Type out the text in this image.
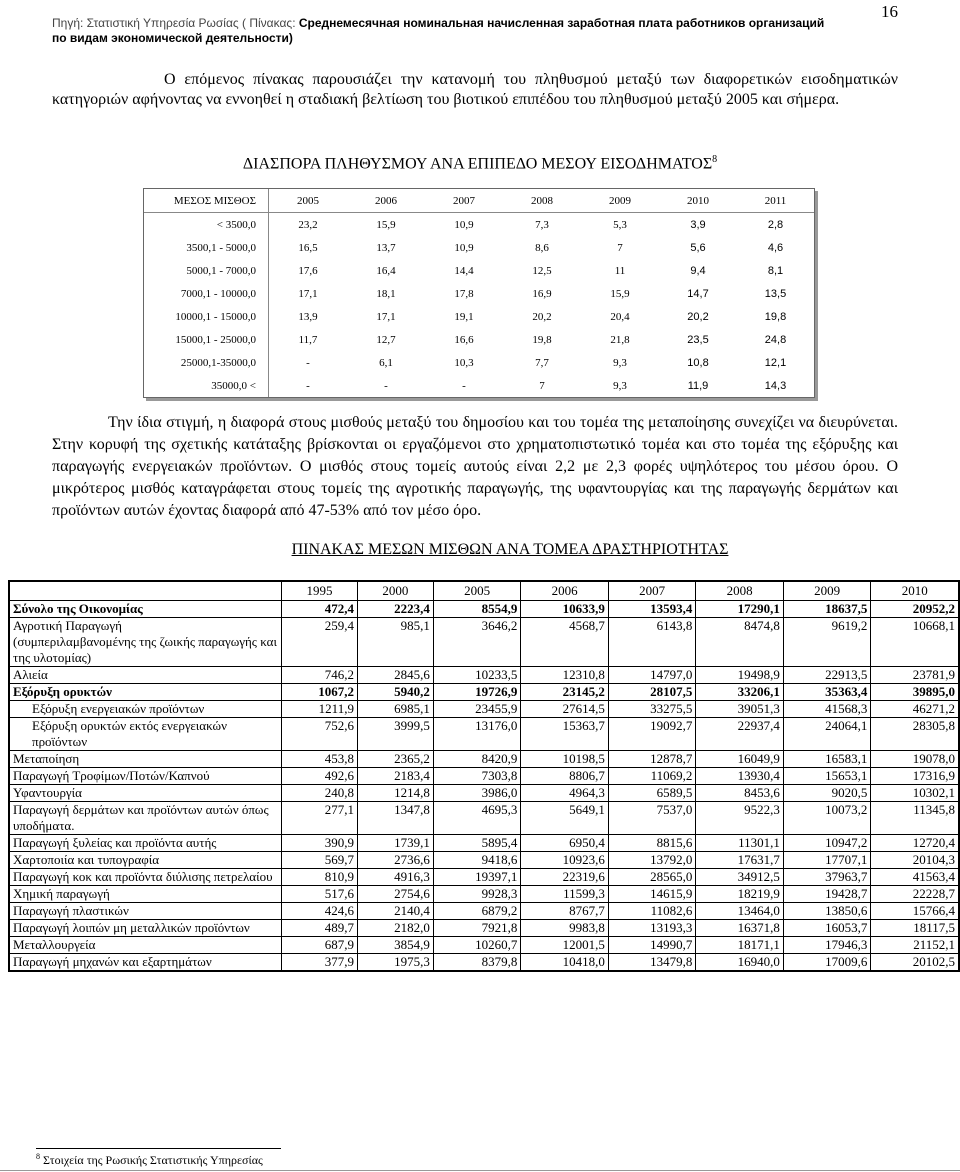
16
Πηγή: Στατιστική Υπηρεσία Ρωσίας ( Πίνακας: Среднемесячная номинальная начисленная заработная плата работников организаций по видам экономической деятельности)
Ο επόμενος πίνακας παρουσιάζει την κατανομή του πληθυσμού μεταξύ των διαφορετικών εισοδηματικών κατηγοριών αφήνοντας να εννοηθεί η σταδιακή βελτίωση του βιοτικού επιπέδου του πληθυσμού μεταξύ 2005 και σήμερα.
ΔΙΑΣΠΟΡΑ ΠΛΗΘΥΣΜΟΥ ΑΝΑ ΕΠΙΠΕΔΟ ΜΕΣΟΥ ΕΙΣΟΔΗΜΑΤΟΣ$^8$
ΜΕΣΟΣ ΜΙΣΘΟΣ	2005	2006	2007	2008	2009	2010	2011
< 3500,0	23,2	15,9	10,9	7,3	5,3	3,9	2,8
3500,1 - 5000,0	16,5	13,7	10,9	8,6	7	5,6	4,6
5000,1 - 7000,0	17,6	16,4	14,4	12,5	11	9,4	8,1
7000,1 - 10000,0	17,1	18,1	17,8	16,9	15,9	14,7	13,5
10000,1 - 15000,0	13,9	17,1	19,1	20,2	20,4	20,2	19,8
15000,1 - 25000,0	11,7	12,7	16,6	19,8	21,8	23,5	24,8
25000,1-35000,0	-	6,1	10,3	7,7	9,3	10,8	12,1
35000,0 <	-	-	-	7	9,3	11,9	14,3
Την ίδια στιγμή, η διαφορά στους μισθούς μεταξύ του δημοσίου και του τομέα της μεταποίησης συνεχίζει να διευρύνεται. Στην κορυφή της σχετικής κατάταξης βρίσκονται οι εργαζόμενοι στο χρηματοπιστωτικό τομέα και στο τομέα της εξόρυξης και παραγωγής ενεργειακών προϊόντων. Ο μισθός στους τομείς αυτούς είναι 2,2 με 2,3 φορές υψηλότερος του μέσου όρου. Ο μικρότερος μισθός καταγράφεται στους τομείς της αγροτικής παραγωγής, της υφαντουργίας και της παραγωγής δερμάτων και προϊόντων αυτών έχοντας διαφορά από 47-53% από τον μέσο όρο.
ΠΙΝΑΚΑΣ ΜΕΣΩΝ ΜΙΣΘΩΝ ΑΝΑ ΤΟΜΕΑ ΔΡΑΣΤΗΡΙΟΤΗΤΑΣ
	1995	2000	2005	2006	2007	2008	2009	2010
Σύνολο της Οικονομίας	472,4	2223,4	8554,9	10633,9	13593,4	17290,1	18637,5	20952,2
Αγροτική Παραγωγή
(συμπεριλαμβανομένης της ζωικής παραγωγής και της υλοτομίας)	259,4	985,1	3646,2	4568,7	6143,8	8474,8	9619,2	10668,1
Αλιεία	746,2	2845,6	10233,5	12310,8	14797,0	19498,9	22913,5	23781,9
Εξόρυξη ορυκτών	1067,2	5940,2	19726,9	23145,2	28107,5	33206,1	35363,4	39895,0
Εξόρυξη ενεργειακών προϊόντων	1211,9	6985,1	23455,9	27614,5	33275,5	39051,3	41568,3	46271,2
Εξόρυξη ορυκτών εκτός ενεργειακών προϊόντων	752,6	3999,5	13176,0	15363,7	19092,7	22937,4	24064,1	28305,8
Μεταποίηση	453,8	2365,2	8420,9	10198,5	12878,7	16049,9	16583,1	19078,0
Παραγωγή Τροφίμων/Ποτών/Καπνού	492,6	2183,4	7303,8	8806,7	11069,2	13930,4	15653,1	17316,9
Υφαντουργία	240,8	1214,8	3986,0	4964,3	6589,5	8453,6	9020,5	10302,1
Παραγωγή δερμάτων και προϊόντων αυτών όπως υποδήματα.	277,1	1347,8	4695,3	5649,1	7537,0	9522,3	10073,2	11345,8
Παραγωγή ξυλείας και προϊόντα αυτής	390,9	1739,1	5895,4	6950,4	8815,6	11301,1	10947,2	12720,4
Χαρτοποιία και τυπογραφία	569,7	2736,6	9418,6	10923,6	13792,0	17631,7	17707,1	20104,3
Παραγωγή κοκ και προϊόντα διύλισης πετρελαίου	810,9	4916,3	19397,1	22319,6	28565,0	34912,5	37963,7	41563,4
Χημική παραγωγή	517,6	2754,6	9928,3	11599,3	14615,9	18219,9	19428,7	22228,7
Παραγωγή πλαστικών	424,6	2140,4	6879,2	8767,7	11082,6	13464,0	13850,6	15766,4
Παραγωγή λοιπών μη μεταλλικών προϊόντων	489,7	2182,0	7921,8	9983,8	13193,3	16371,8	16053,7	18117,5
Μεταλλουργεία	687,9	3854,9	10260,7	12001,5	14990,7	18171,1	17946,3	21152,1
Παραγωγή μηχανών και εξαρτημάτων	377,9	1975,3	8379,8	10418,0	13479,8	16940,0	17009,6	20102,5
$^8$ Στοιχεία της Ρωσικής Στατιστικής Υπηρεσίας
